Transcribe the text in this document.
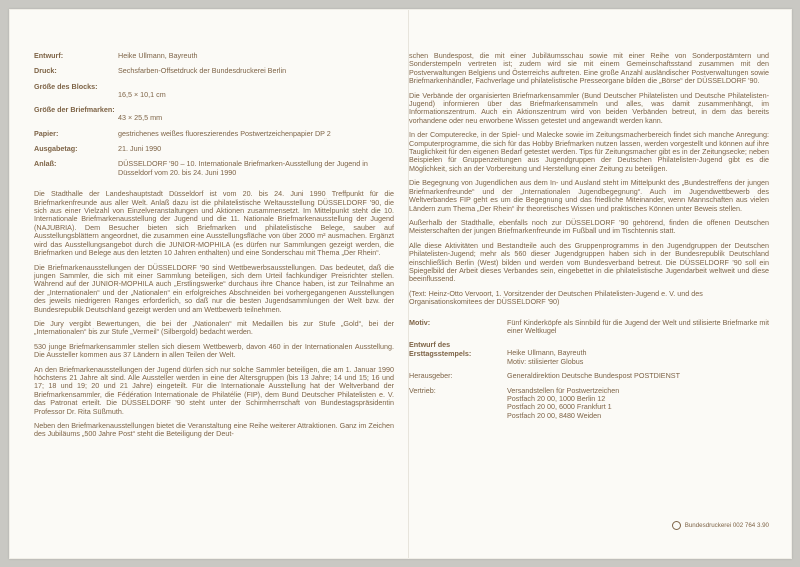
Entwurf:	Heike Ullmann, Bayreuth
Druck:	Sechsfarben-Offsetdruck der Bundesdruckerei Berlin
Größe des Blocks:
16,5 × 10,1 cm
Größe der Briefmarken:
43 × 25,5 mm
Papier:	gestrichenes weißes fluoreszierendes Postwertzeichenpapier DP 2
Ausgabetag:	21. Juni 1990
Anlaß:	DÜSSELDORF '90 – 10. Internationale Briefmarken-Ausstellung der Jugend in Düsseldorf vom 20. bis 24. Juni 1990

Die Stadthalle der Landeshauptstadt Düsseldorf ist vom 20. bis 24. Juni 1990 Treffpunkt für die Briefmarkenfreunde aus aller Welt. Anlaß dazu ist die philatelistische Weltausstellung DÜSSELDORF '90, die sich aus einer Vielzahl von Einzelveranstaltungen und Aktionen zusammensetzt. Im Mittelpunkt steht die 10. Internationale Briefmarkenausstellung der Jugend und die 11. Nationale Briefmarkenausstellung der Jugend (NAJUBRIA). Dem Besucher bieten sich Briefmarken und philatelistische Belege, sauber auf Ausstellungsblättern angeordnet, die zusammen eine Ausstellungsfläche von über 2000 m² ausmachen. Ergänzt wird das Ausstellungsangebot durch die JUNIOR-MOPHILA (es dürfen nur Sammlungen gezeigt werden, die Briefmarken und Belege aus den letzten 10 Jahren enthalten) und eine Sonderschau mit Thema „Der Rhein“.

Die Briefmarkenausstellungen der DÜSSELDORF '90 sind Wettbewerbsausstellungen. Das bedeutet, daß die jungen Sammler, die sich mit einer Sammlung beteiligen, sich dem Urteil fachkundiger Preisrichter stellen. Während auf der JUNIOR-MOPHILA auch „Erstlingswerke“ durchaus ihre Chance haben, ist zur Teilnahme an der „Internationalen“ und der „Nationalen“ ein erfolgreiches Abschneiden bei vorhergegangenen Ausstellungen des jeweils niedrigeren Ranges erforderlich, so daß nur die besten Jugendsammlungen der Welt bzw. der Bundesrepublik Deutschland gezeigt werden und am Wettbewerb teilnehmen.

Die Jury vergibt Bewertungen, die bei der „Nationalen“ mit Medaillen bis zur Stufe „Gold“, bei der „Internationalen“ bis zur Stufe „Vermeil“ (Silbergold) bedacht werden.

530 junge Briefmarkensammler stellen sich diesem Wettbewerb, davon 460 in der Internationalen Ausstellung. Die Aussteller kommen aus 37 Ländern in allen Teilen der Welt.

An den Briefmarkenausstellungen der Jugend dürfen sich nur solche Sammler beteiligen, die am 1. Januar 1990 höchstens 21 Jahre alt sind. Alle Aussteller werden in eine der Altersgruppen (bis 13 Jahre; 14 und 15; 16 und 17; 18 und 19; 20 und 21 Jahre) eingeteilt. Für die Internationale Ausstellung hat der Weltverband der Briefmarkensammler, die Fédération Internationale de Philatélie (FIP), dem Bund Deutscher Philatelisten e. V. das Patronat erteilt. Die DÜSSELDORF '90 steht unter der Schirmherrschaft von Bundestagspräsidentin Professor Dr. Rita Süßmuth.

Neben den Briefmarkenausstellungen bietet die Veranstaltung eine Reihe weiterer Attraktionen. Ganz im Zeichen des Jubiläums „500 Jahre Post“ steht die Beteiligung der Deut-

schen Bundespost, die mit einer Jubiläumsschau sowie mit einer Reihe von Sonderpostämtern und Sonderstempeln vertreten ist; zudem wird sie mit einem Gemeinschaftsstand zusammen mit den Postverwaltungen Belgiens und Österreichs auftreten. Eine große Anzahl ausländischer Postverwaltungen sowie Briefmarkenhändler, Fachverlage und philatelistische Presseorgane bilden die „Börse“ der DÜSSELDORF '90.

Die Verbände der organisierten Briefmarkensammler (Bund Deutscher Philatelisten und Deutsche Philatelisten-Jugend) informieren über das Briefmarkensammeln und alles, was damit zusammenhängt, im Informationszentrum. Auch ein Aktionszentrum wird von beiden Verbänden betreut, in dem das bereits vorhandene oder neu erworbene Wissen getestet und angewandt werden kann.

In der Computerecke, in der Spiel- und Malecke sowie im Zeitungsmacherbereich findet sich manche Anregung: Computerprogramme, die sich für das Hobby Briefmarken nutzen lassen, werden vorgestellt und können auf ihre Tauglichkeit für den eigenen Bedarf getestet werden. Tips für Zeitungsmacher gibt es in der Zeitungsecke; neben Beispielen für Gruppenzeitungen aus Jugendgruppen der Deutschen Philatelisten-Jugend gibt es die Möglichkeit, sich an der Vorbereitung und Herstellung einer Zeitung zu beteiligen.

Die Begegnung von Jugendlichen aus dem In- und Ausland steht im Mittelpunkt des „Bundestreffens der jungen Briefmarkenfreunde“ und der „Internationalen Jugendbegegnung“. Auch im Jugendwettbewerb des Weltverbandes FIP geht es um die Begegnung und das friedliche Miteinander, wenn Mannschaften aus vielen Ländern zum Thema „Der Rhein“ ihr theoretisches Wissen und praktisches Können unter Beweis stellen.

Außerhalb der Stadthalle, ebenfalls noch zur DÜSSELDORF '90 gehörend, finden die offenen Deutschen Meisterschaften der jungen Briefmarkenfreunde im Fußball und im Tischtennis statt.

Alle diese Aktivitäten und Bestandteile auch des Gruppenprogramms in den Jugendgruppen der Deutschen Philatelisten-Jugend; mehr als 560 dieser Jugendgruppen haben sich in der Bundesrepublik Deutschland einschließlich Berlin (West) bilden und werden vom Bundesverband betreut. Die DÜSSELDORF '90 soll ein Spiegelbild der Arbeit dieses Verbandes sein, eingebettet in die philatelistische Jugendarbeit weltweit und diese beeinflussend.

(Text: Heinz-Otto Vervoort, 1. Vorsitzender der Deutschen Philatelisten-Jugend e. V. und des Organisationskomitees der DÜSSELDORF '90)

Motiv:	Fünf Kinderköpfe als Sinnbild für die Jugend der Welt und stilisierte Briefmarke mit einer Weltkugel
Entwurf des Ersttagsstempels:	Heike Ullmann, Bayreuth
Motiv: stilisierter Globus
Herausgeber:	Generaldirektion Deutsche Bundespost POSTDIENST
Vertrieb:	Versandstellen für Postwertzeichen
Postfach 20 00, 1000 Berlin 12
Postfach 20 00, 6000 Frankfurt 1
Postfach 20 00, 8480 Weiden
Bundesdruckerei 002 764 3.90
